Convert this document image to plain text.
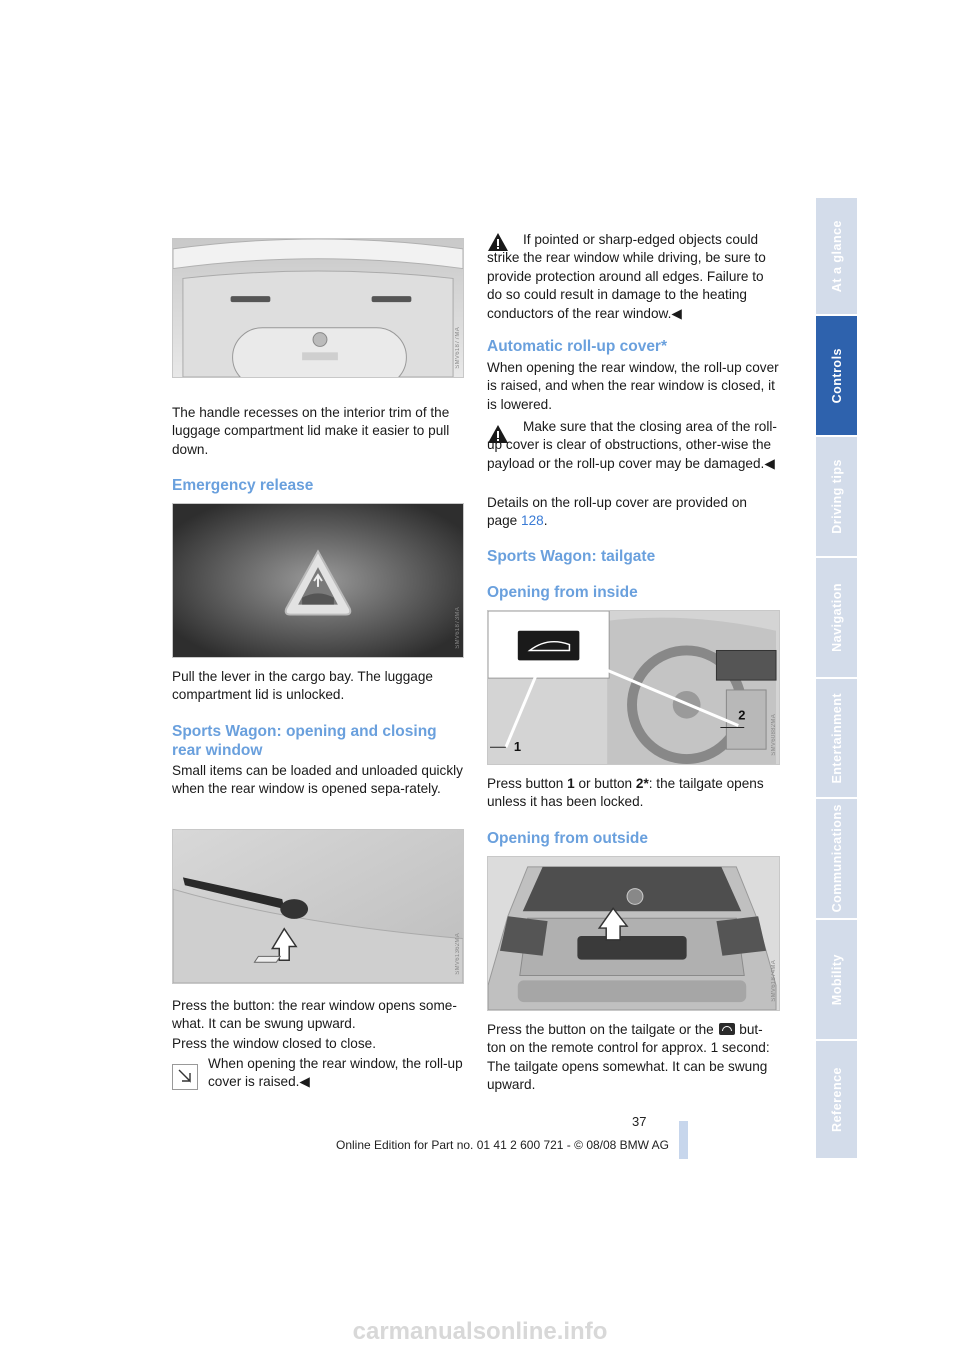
SMV61877MA

The handle recesses on the interior trim of the luggage compartment lid make it easier to pull down.

Emergency release
SMV61873MA

Pull the lever in the cargo bay. The luggage compartment lid is unlocked.

Sports Wagon: opening and closing rear window

Small items can be loaded and unloaded quickly when the rear window is opened sepa-rately.

SMV61362MA

Press the button: the rear window opens some-what. It can be swung upward.

Press the window closed to close.

When opening the rear window, the roll-up cover is raised.◀

If pointed or sharp-edged objects could strike the rear window while driving, be sure to provide protection around all edges. Failure to do so could result in damage to the heating conductors of the rear window.◀

Automatic roll-up cover*

When opening the rear window, the roll-up cover is raised, and when the rear window is closed, it is lowered.

Make sure that the closing area of the roll-up cover is clear of obstructions, other-wise the payload or the roll-up cover may be damaged.◀

Details on the roll-up cover are provided on page 128.

Sports Wagon: tailgate
Opening from inside
1
2	SMV60882MA

Press button 1 or button 2*: the tailgate opens unless it has been locked.

Opening from outside
SMV61874MA

Press the button on the tailgate or the
but-ton on the remote control for approx. 1 second: The tailgate opens somewhat. It can be swung upward.

At a glance
Controls
Driving tips
Navigation
Entertainment
Communications
Mobility
Reference
37
Online Edition for Part no. 01 41 2 600 721 - © 08/08 BMW AG
carmanualsonline.info
